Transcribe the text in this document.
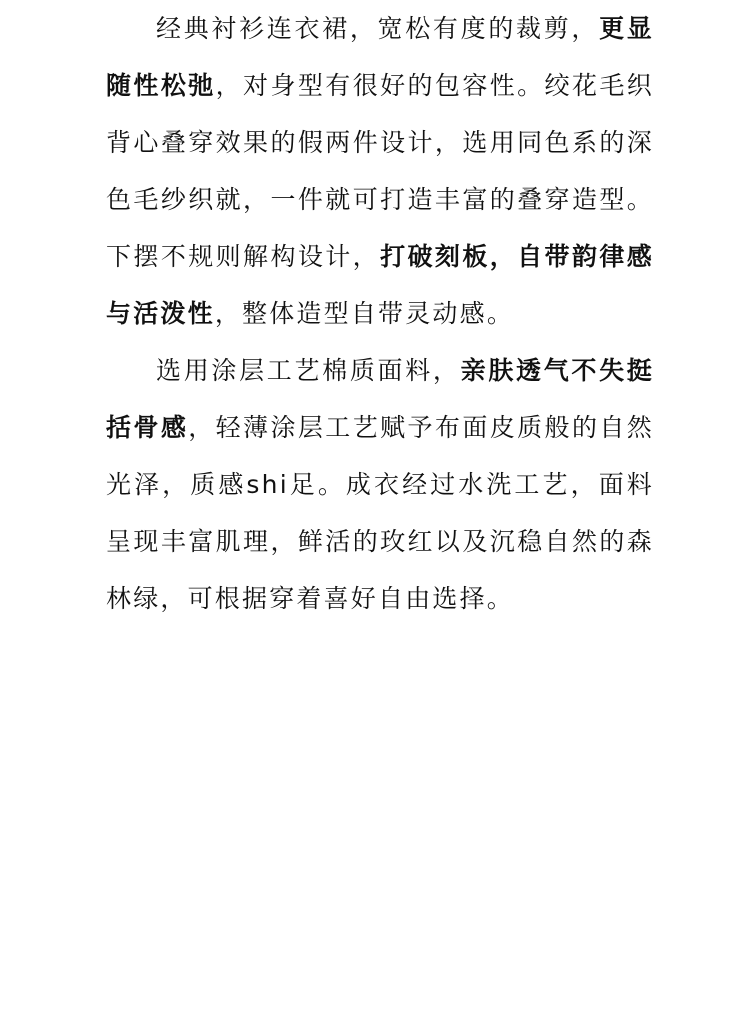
经典衬衫连衣裙，宽松有度的裁剪，更显随性松弛，对身型有很好的包容性。绞花毛织背心叠穿效果的假两件设计，选用同色系的深色毛纱织就，一件就可打造丰富的叠穿造型。下摆不规则解构设计，打破刻板，自带韵律感与活泼性，整体造型自带灵动感。

选用涂层工艺棉质面料，亲肤透气不失挺括骨感，轻薄涂层工艺赋予布面皮质般的自然光泽，质感shi足。成衣经过水洗工艺，面料呈现丰富肌理，鲜活的玫红以及沉稳自然的森林绿，可根据穿着喜好自由选择。
